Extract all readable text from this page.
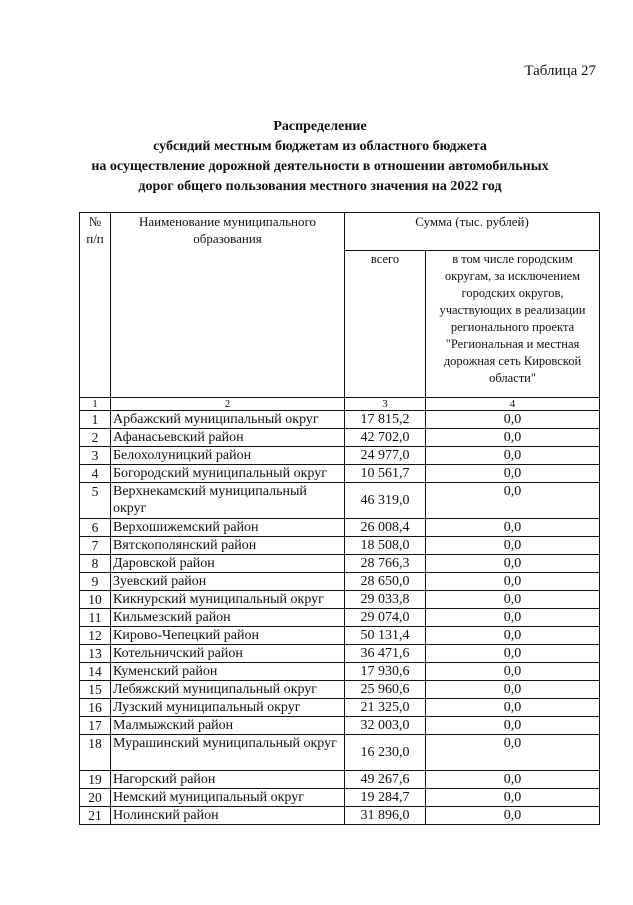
Таблица 27
Распределение
субсидий местным бюджетам из областного бюджета
на осуществление дорожной деятельности в отношении автомобильных
дорог общего пользования местного значения на 2022 год
№ п/п	Наименование муниципального образования	Сумма (тыс. рублей)	
		всего	в том числе городским округам, за исключением городских округов, участвующих в реализации регионального проекта "Региональная и местная дорожная сеть Кировской области"
1	2	3	4
1	Арбажский муниципальный округ	17 815,2	0,0
2	Афанасьевский район	42 702,0	0,0
3	Белохолуницкий район	24 977,0	0,0
4	Богородский муниципальный округ	10 561,7	0,0
5	Верхнекамский муниципальный округ	46 319,0	0,0
6	Верхошижемский район	26 008,4	0,0
7	Вятскополянский район	18 508,0	0,0
8	Даровской район	28 766,3	0,0
9	Зуевский район	28 650,0	0,0
10	Кикнурский муниципальный округ	29 033,8	0,0
11	Кильмезский район	29 074,0	0,0
12	Кирово-Чепецкий район	50 131,4	0,0
13	Котельничский район	36 471,6	0,0
14	Куменский район	17 930,6	0,0
15	Лебяжский муниципальный округ	25 960,6	0,0
16	Лузский муниципальный округ	21 325,0	0,0
17	Малмыжский район	32 003,0	0,0
18	Мурашинский муниципальный округ	16 230,0	0,0
19	Нагорский район	49 267,6	0,0
20	Немский муниципальный округ	19 284,7	0,0
21	Нолинский район	31 896,0	0,0
